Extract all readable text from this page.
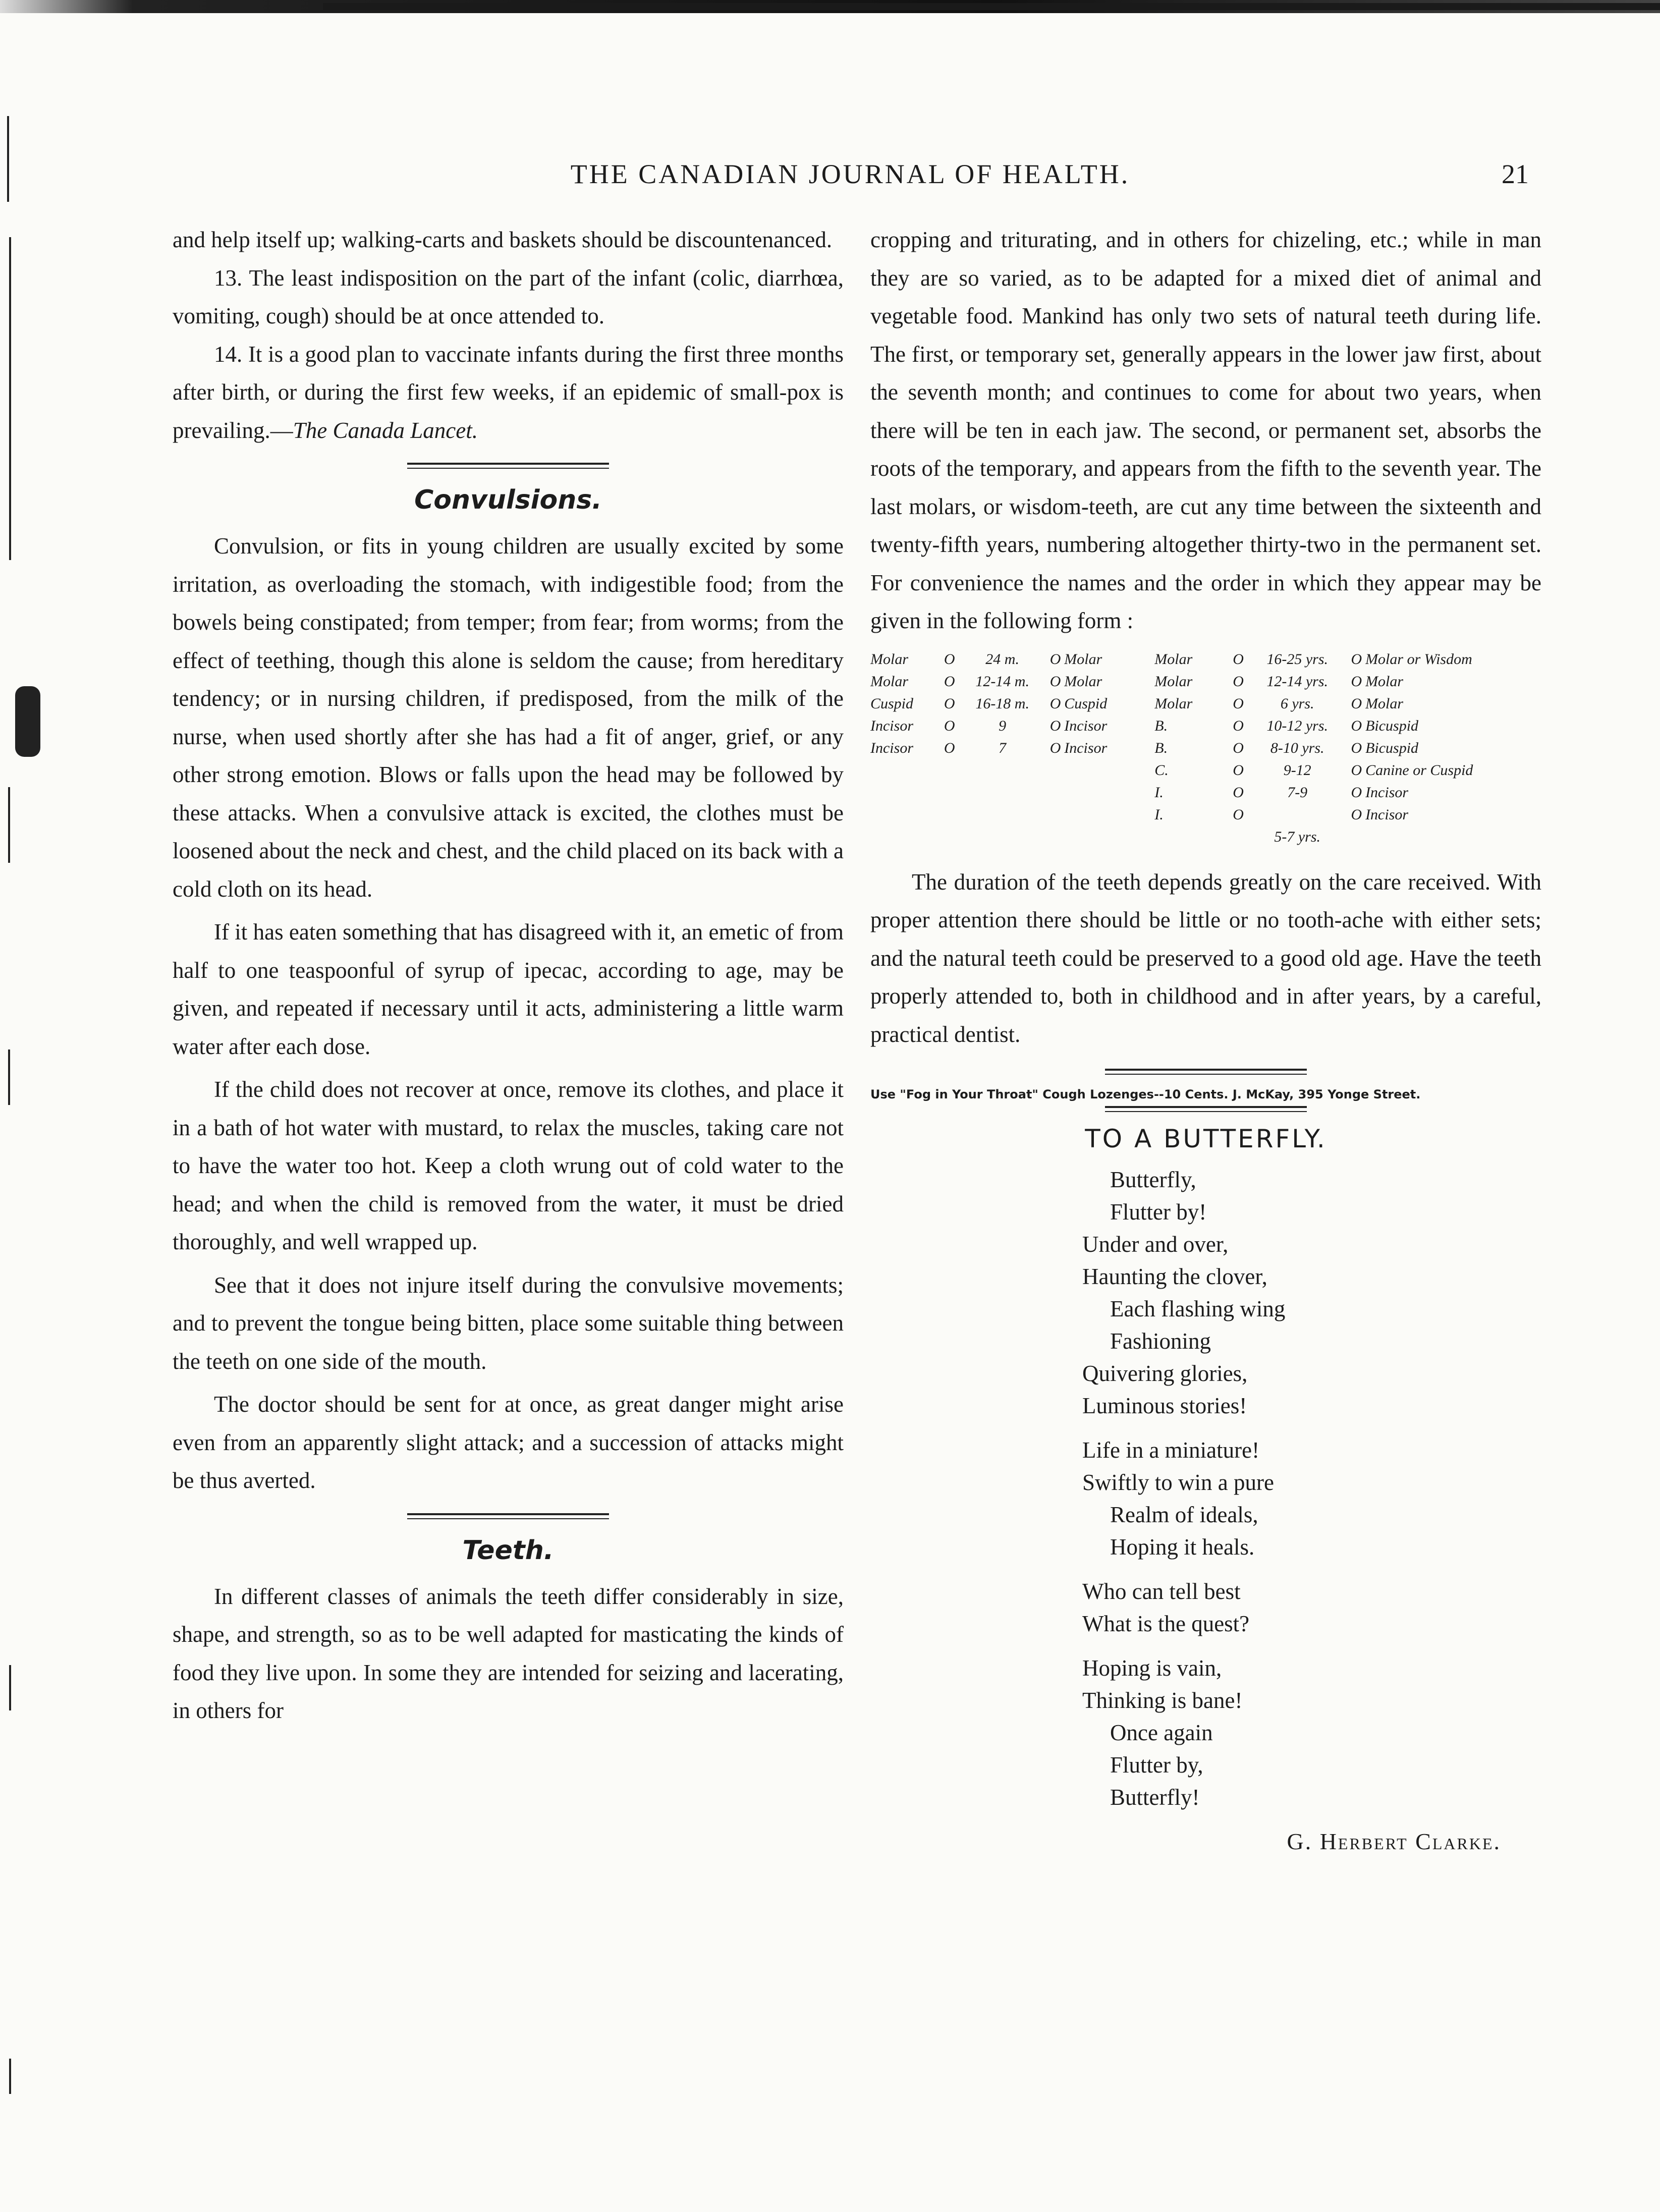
THE CANADIAN JOURNAL OF HEALTH.	21

and help itself up; walking-carts and baskets should be discountenanced.

13. The least indisposition on the part of the infant (colic, diarrhœa, vomiting, cough) should be at once attended to.

14. It is a good plan to vaccinate infants during the first three months after birth, or during the first few weeks, if an epidemic of small-pox is prevailing.—The Canada Lancet.

Convulsions.

Convulsion, or fits in young children are usually excited by some irritation, as overloading the stomach, with indigestible food; from the bowels being constipated; from temper; from fear; from worms; from the effect of teething, though this alone is seldom the cause; from hereditary tendency; or in nursing children, if predisposed, from the milk of the nurse, when used shortly after she has had a fit of anger, grief, or any other strong emotion. Blows or falls upon the head may be followed by these attacks. When a convulsive attack is excited, the clothes must be loosened about the neck and chest, and the child placed on its back with a cold cloth on its head.

If it has eaten something that has disagreed with it, an emetic of from half to one teaspoonful of syrup of ipecac, according to age, may be given, and repeated if necessary until it acts, administering a little warm water after each dose.

If the child does not recover at once, remove its clothes, and place it in a bath of hot water with mustard, to relax the muscles, taking care not to have the water too hot. Keep a cloth wrung out of cold water to the head; and when the child is removed from the water, it must be dried thoroughly, and well wrapped up.

See that it does not injure itself during the convulsive movements; and to prevent the tongue being bitten, place some suitable thing between the teeth on one side of the mouth.

The doctor should be sent for at once, as great danger might arise even from an apparently slight attack; and a succession of attacks might be thus averted.

Teeth.

In different classes of animals the teeth differ considerably in size, shape, and strength, so as to be well adapted for masticating the kinds of food they live upon. In some they are intended for seizing and lacerating, in others for

cropping and triturating, and in others for chizeling, etc.; while in man they are so varied, as to be adapted for a mixed diet of animal and vegetable food. Mankind has only two sets of natural teeth during life. The first, or temporary set, generally appears in the lower jaw first, about the seventh month; and continues to come for about two years, when there will be ten in each jaw. The second, or permanent set, absorbs the roots of the temporary, and appears from the fifth to the seventh year. The last molars, or wisdom-teeth, are cut any time between the sixteenth and twenty-fifth years, numbering altogether thirty-two in the permanent set. For convenience the names and the order in which they appear may be given in the following form :

Molar	O	24 m.	O	Molar	Molar	O	16-25 yrs.	O	Molar or Wisdom
Molar	O	12-14 m.	O	Molar	Molar	O	12-14 yrs.	O	Molar
Cuspid	O	16-18 m.	O	Cuspid	Molar	O	6 yrs.	O	Molar
Incisor	O	9	O	Incisor	B.	O	10-12 yrs.	O	Bicuspid
Incisor	O	7	O	Incisor	B.	O	8-10 yrs.	O	Bicuspid
					C.	O	9-12	O	Canine or Cuspid
					I.	O	7-9	O	Incisor
					I.	O		O	Incisor
							5-7 yrs.		

The duration of the teeth depends greatly on the care received. With proper attention there should be little or no tooth-ache with either sets; and the natural teeth could be preserved to a good old age. Have the teeth properly attended to, both in childhood and in after years, by a careful, practical dentist.

Use "Fog in Your Throat" Cough Lozenges--10 Cents. J. McKay, 395 Yonge Street.
TO A BUTTERFLY.
Butterfly,
Flutter by!
Under and over,
Haunting the clover,
Each flashing wing
Fashioning
Quivering glories,
Luminous stories!
Life in a miniature!
Swiftly to win a pure
Realm of ideals,
Hoping it heals.
Who can tell best
What is the quest?
Hoping is vain,
Thinking is bane!
Once again
Flutter by,
Butterfly!
G. Herbert Clarke.
